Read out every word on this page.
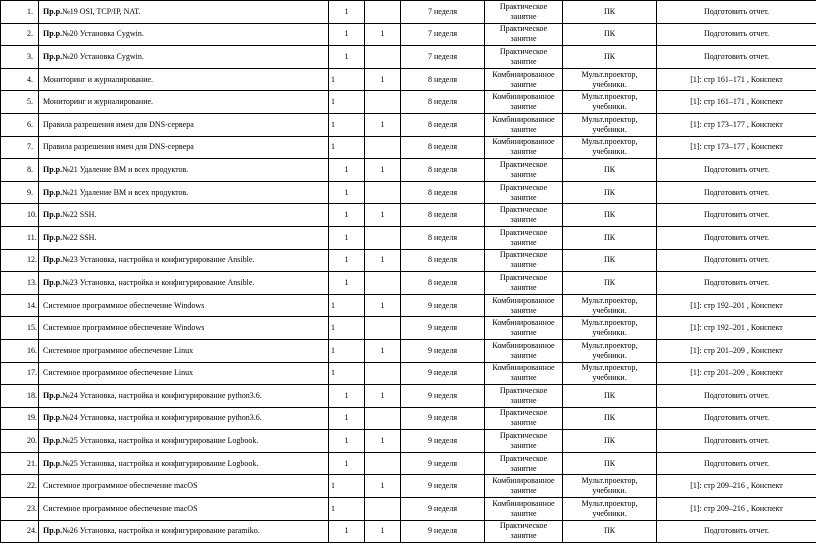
1.	Пр.р.№19 OSI, TCP/IP, NAT.	1		7 неделя	Практическое занятие	ПК	Подготовить отчет.
2.	Пр.р.№20 Установка Cygwin.	1	1	7 неделя	Практическое занятие	ПК	Подготовить отчет.
3.	Пр.р.№20 Установка Cygwin.	1		7 неделя	Практическое занятие	ПК	Подготовить отчет.
4.	Мониторинг и журналирование.	1	1	8 неделя	Комбинированное занятие	Мульт.проектор, учебники.	[1]: стр 161–171 , Конспект
5.	Мониторинг и журналирование.	1		8 неделя	Комбинированное занятие	Мульт.проектор, учебники.	[1]: стр 161–171 , Конспект
6.	Правила разрешения имен для DNS-сервера	1	1	8 неделя	Комбинированное занятие	Мульт.проектор, учебники.	[1]: стр 173–177 , Конспект
7.	Правила разрешения имен для DNS-сервера	1		8 неделя	Комбинированное занятие	Мульт.проектор, учебники.	[1]: стр 173–177 , Конспект
8.	Пр.р.№21 Удаление ВМ и всех продуктов.	1	1	8 неделя	Практическое занятие	ПК	Подготовить отчет.
9.	Пр.р.№21 Удаление ВМ и всех продуктов.	1		8 неделя	Практическое занятие	ПК	Подготовить отчет.
10.	Пр.р.№22 SSH.	1	1	8 неделя	Практическое занятие	ПК	Подготовить отчет.
11.	Пр.р.№22 SSH.	1		8 неделя	Практическое занятие	ПК	Подготовить отчет.
12.	Пр.р.№23 Установка, настройка и конфигурирование Ansible.	1	1	8 неделя	Практическое занятие	ПК	Подготовить отчет.
13.	Пр.р.№23 Установка, настройка и конфигурирование Ansible.	1		8 неделя	Практическое занятие	ПК	Подготовить отчет.
14.	Системное программное обеспечение Windows	1	1	9 неделя	Комбинированное занятие	Мульт.проектор, учебники.	[1]: стр 192–201 , Конспект
15.	Системное программное обеспечение Windows	1		9 неделя	Комбинированное занятие	Мульт.проектор, учебники.	[1]: стр 192–201 , Конспект
16.	Системное программное обеспечение Linux	1	1	9 неделя	Комбинированное занятие	Мульт.проектор, учебники.	[1]: стр 201–209 , Конспект
17.	Системное программное обеспечение Linux	1		9 неделя	Комбинированное занятие	Мульт.проектор, учебники.	[1]: стр 201–209 , Конспект
18.	Пр.р.№24 Установка, настройка и конфигурирование python3.6.	1	1	9 неделя	Практическое занятие	ПК	Подготовить отчет.
19.	Пр.р.№24 Установка, настройка и конфигурирование python3.6.	1		9 неделя	Практическое занятие	ПК	Подготовить отчет.
20.	Пр.р.№25 Установка, настройка и конфигурирование Logbook.	1	1	9 неделя	Практическое занятие	ПК	Подготовить отчет.
21.	Пр.р.№25 Установка, настройка и конфигурирование Logbook.	1		9 неделя	Практическое занятие	ПК	Подготовить отчет.
22.	Системное программное обеспечение macOS	1	1	9 неделя	Комбинированное занятие	Мульт.проектор, учебники.	[1]: стр 209–216 , Конспект
23.	Системное программное обеспечение macOS	1		9 неделя	Комбинированное занятие	Мульт.проектор, учебники.	[1]: стр 209–216 , Конспект
24.	Пр.р.№26 Установка, настройка и конфигурирование paramiko.	1	1	9 неделя	Практическое занятие	ПК	Подготовить отчет.
